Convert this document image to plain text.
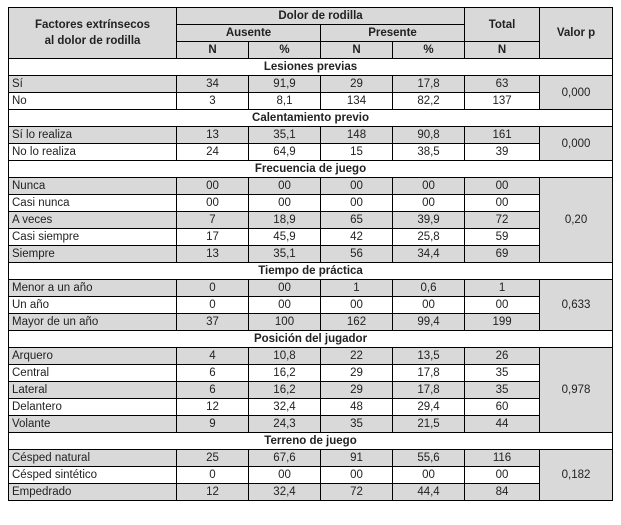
Factores extrínsecos
al dolor de rodilla	Dolor de rodilla				Total	Valor p
	Ausente		Presente			
	N	%	N	%	N	
Lesiones previas						
Sí	34	91,9	29	17,8	63	0,000
No	3	8,1	134	82,2	137	
Calentamiento previo						
Sí lo realiza	13	35,1	148	90,8	161	0,000
No lo realiza	24	64,9	15	38,5	39	
Frecuencia de juego						
Nunca	00	00	00	00	00	0,20
Casi nunca	00	00	00	00	00	
A veces	7	18,9	65	39,9	72	
Casi siempre	17	45,9	42	25,8	59	
Siempre	13	35,1	56	34,4	69	
Tiempo de práctica						
Menor a un año	0	00	1	0,6	1	0,633
Un año	0	00	00	00	00	
Mayor de un año	37	100	162	99,4	199	
Posición del jugador						
Arquero	4	10,8	22	13,5	26	0,978
Central	6	16,2	29	17,8	35	
Lateral	6	16,2	29	17,8	35	
Delantero	12	32,4	48	29,4	60	
Volante	9	24,3	35	21,5	44	
Terreno de juego						
Césped natural	25	67,6	91	55,6	116	0,182
Césped sintético	0	00	00	00	00	
Empedrado	12	32,4	72	44,4	84	
